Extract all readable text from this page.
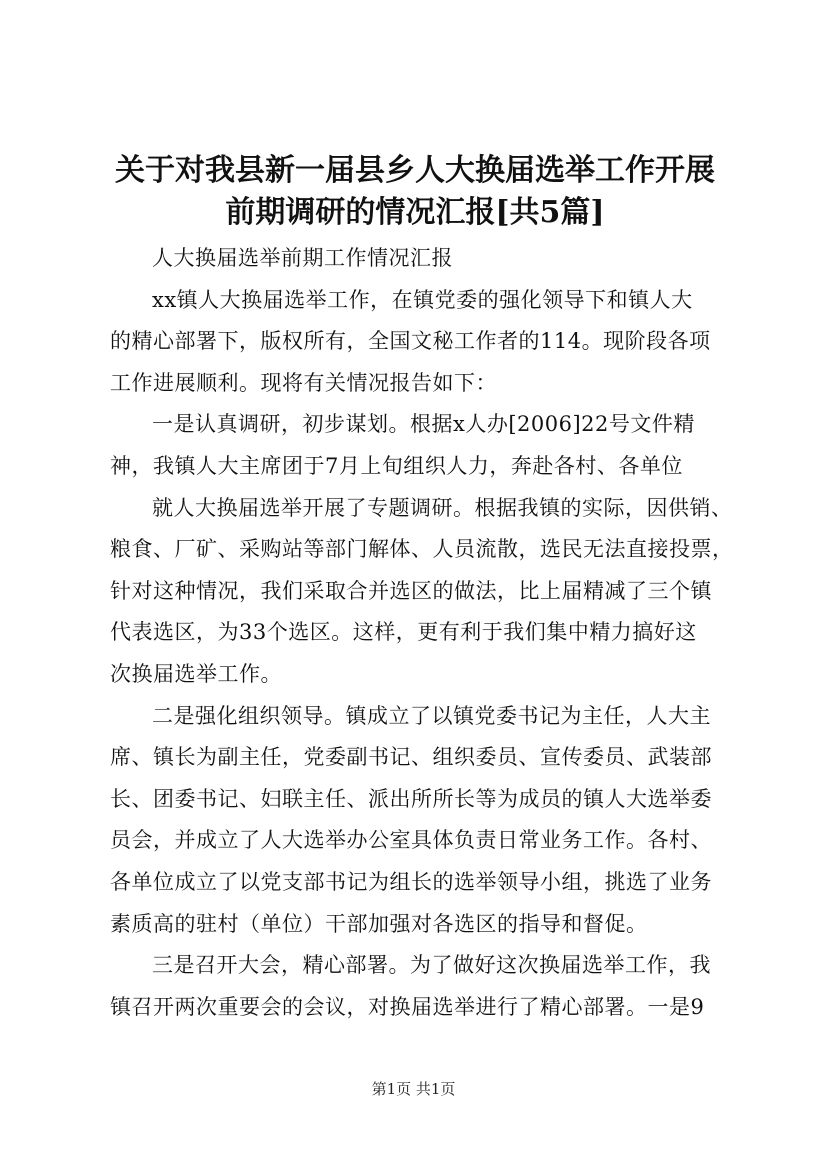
关于对我县新一届县乡人大换届选举工作开展
前期调研的情况汇报[共5篇]
人大换届选举前期工作情况汇报
xx镇人大换届选举工作，在镇党委的强化领导下和镇人大
的精心部署下，版权所有，全国文秘工作者的114。现阶段各项
工作进展顺利。现将有关情况报告如下：
一是认真调研，初步谋划。根据x人办[2006]22号文件精
神，我镇人大主席团于7月上旬组织人力，奔赴各村、各单位
就人大换届选举开展了专题调研。根据我镇的实际，因供销、
粮食、厂矿、采购站等部门解体、人员流散，选民无法直接投票，
针对这种情况，我们采取合并选区的做法，比上届精减了三个镇
代表选区，为33个选区。这样，更有利于我们集中精力搞好这
次换届选举工作。
二是强化组织领导。镇成立了以镇党委书记为主任，人大主
席、镇长为副主任，党委副书记、组织委员、宣传委员、武装部
长、团委书记、妇联主任、派出所所长等为成员的镇人大选举委
员会，并成立了人大选举办公室具体负责日常业务工作。各村、
各单位成立了以党支部书记为组长的选举领导小组，挑选了业务
素质高的驻村（单位）干部加强对各选区的指导和督促。
三是召开大会，精心部署。为了做好这次换届选举工作，我
镇召开两次重要会的会议，对换届选举进行了精心部署。一是9
第1页 共1页
